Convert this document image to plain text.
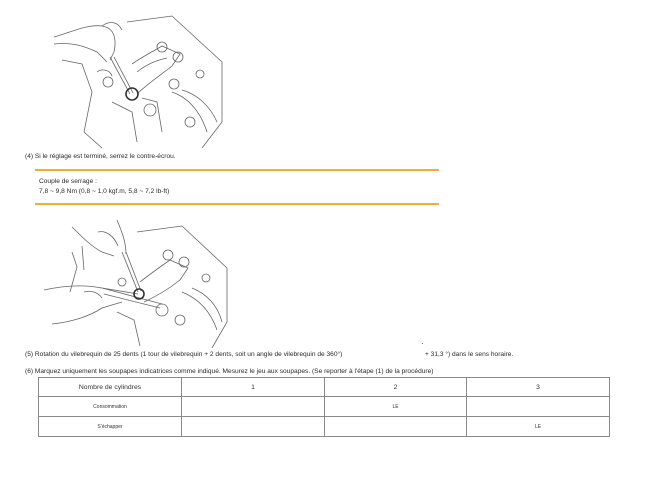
(4) Si le réglage est terminé, serrez le contre-écrou.
Couple de serrage :
7,8 ~ 9,8 Nm (0,8 ~ 1,0 kgf.m, 5,8 ~ 7,2 lb-ft)
(5) Rotation du vilebrequin de 25 dents (1 tour de vilebrequin + 2 dents, soit un angle de vilebrequin de 360°)
·
+ 31,3 °) dans le sens horaire.
(6) Marquez uniquement les soupapes indicatrices comme indiqué. Mesurez le jeu aux soupapes. (Se reporter à l'étape (1) de la procédure)
Nombre de cylindres	1	2	3
Consommation		LE	
S'échapper			LE
